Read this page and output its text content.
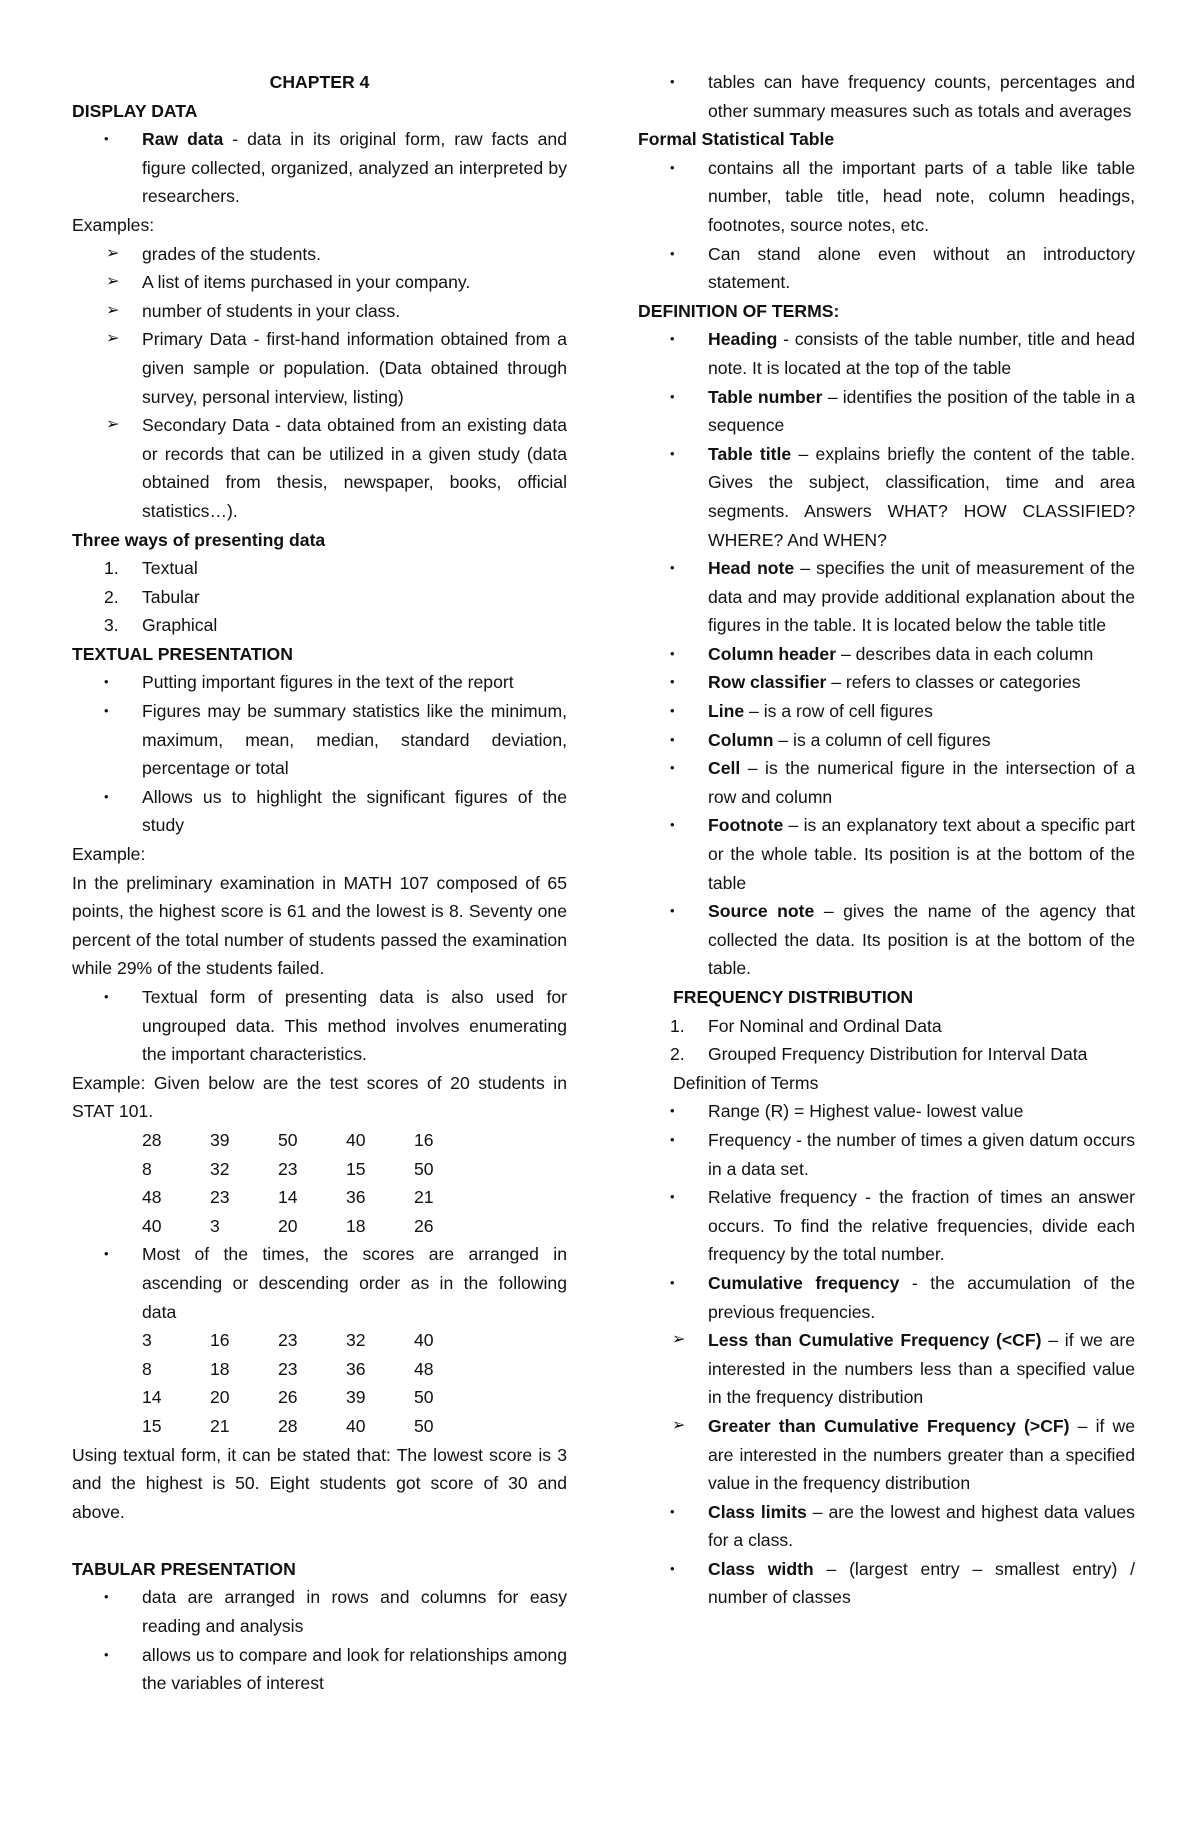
CHAPTER 4

DISPLAY DATA

•	Raw data - data in its original form, raw facts and figure collected, organized, analyzed an interpreted by researchers.

Examples:

➢	grades of the students.
➢	A list of items purchased in your company.
➢	number of students in your class.
➢	Primary Data - first-hand information obtained from a given sample or population. (Data obtained through survey, personal interview, listing)
➢	Secondary Data - data obtained from an existing data or records that can be utilized in a given study (data obtained from thesis, newspaper, books, official statistics…).

Three ways of presenting data

1.	Textual
2.	Tabular
3.	Graphical

TEXTUAL PRESENTATION

•	Putting important figures in the text of the report
•	Figures may be summary statistics like the minimum, maximum, mean, median, standard deviation, percentage or total
•	Allows us to highlight the significant figures of the study

Example:

In the preliminary examination in MATH 107 composed of 65 points, the highest score is 61 and the lowest is 8. Seventy one percent of the total number of students passed the examination while 29% of the students failed.

•	Textual form of presenting data is also used for ungrouped data. This method involves enumerating the important characteristics.

Example: Given below are the test scores of 20 students in STAT 101.

28	39	50	40	16
8	32	23	15	50
48	23	14	36	21
40	3	20	18	26
•	Most of the times, the scores are arranged in ascending or descending order as in the following data
3	16	23	32	40
8	18	23	36	48
14	20	26	39	50
15	21	28	40	50

Using textual form, it can be stated that: The lowest score is 3 and the highest is 50. Eight students got score of 30 and above.

TABULAR PRESENTATION

•	data are arranged in rows and columns for easy reading and analysis
•	allows us to compare and look for relationships among the variables of interest
•	tables can have frequency counts, percentages and other summary measures such as totals and averages

Formal Statistical Table

•	contains all the important parts of a table like table number, table title, head note, column headings, footnotes, source notes, etc.
•	Can stand alone even without an introductory statement.

DEFINITION OF TERMS:

•	Heading - consists of the table number, title and head note. It is located at the top of the table
•	Table number – identifies the position of the table in a sequence
•	Table title – explains briefly the content of the table. Gives the subject, classification, time and area segments. Answers WHAT? HOW CLASSIFIED? WHERE? And WHEN?
•	Head note – specifies the unit of measurement of the data and may provide additional explanation about the figures in the table. It is located below the table title
•	Column header – describes data in each column
•	Row classifier – refers to classes or categories
•	Line – is a row of cell figures
•	Column – is a column of cell figures
•	Cell – is the numerical figure in the intersection of a row and column
•	Footnote – is an explanatory text about a specific part or the whole table. Its position is at the bottom of the table
•	Source note – gives the name of the agency that collected the data. Its position is at the bottom of the table.

FREQUENCY DISTRIBUTION

1.	For Nominal and Ordinal Data
2.	Grouped Frequency Distribution for Interval Data

Definition of Terms

•	Range (R) = Highest value- lowest value
•	Frequency - the number of times a given datum occurs in a data set.
•	Relative frequency - the fraction of times an answer occurs. To find the relative frequencies, divide each frequency by the total number.
•	Cumulative frequency - the accumulation of the previous frequencies.
➢	Less than Cumulative Frequency (<CF) – if we are interested in the numbers less than a specified value in the frequency distribution
➢	Greater than Cumulative Frequency (>CF) – if we are interested in the numbers greater than a specified value in the frequency distribution
•	Class limits – are the lowest and highest data values for a class.
•	Class width – (largest entry – smallest entry) / number of classes
